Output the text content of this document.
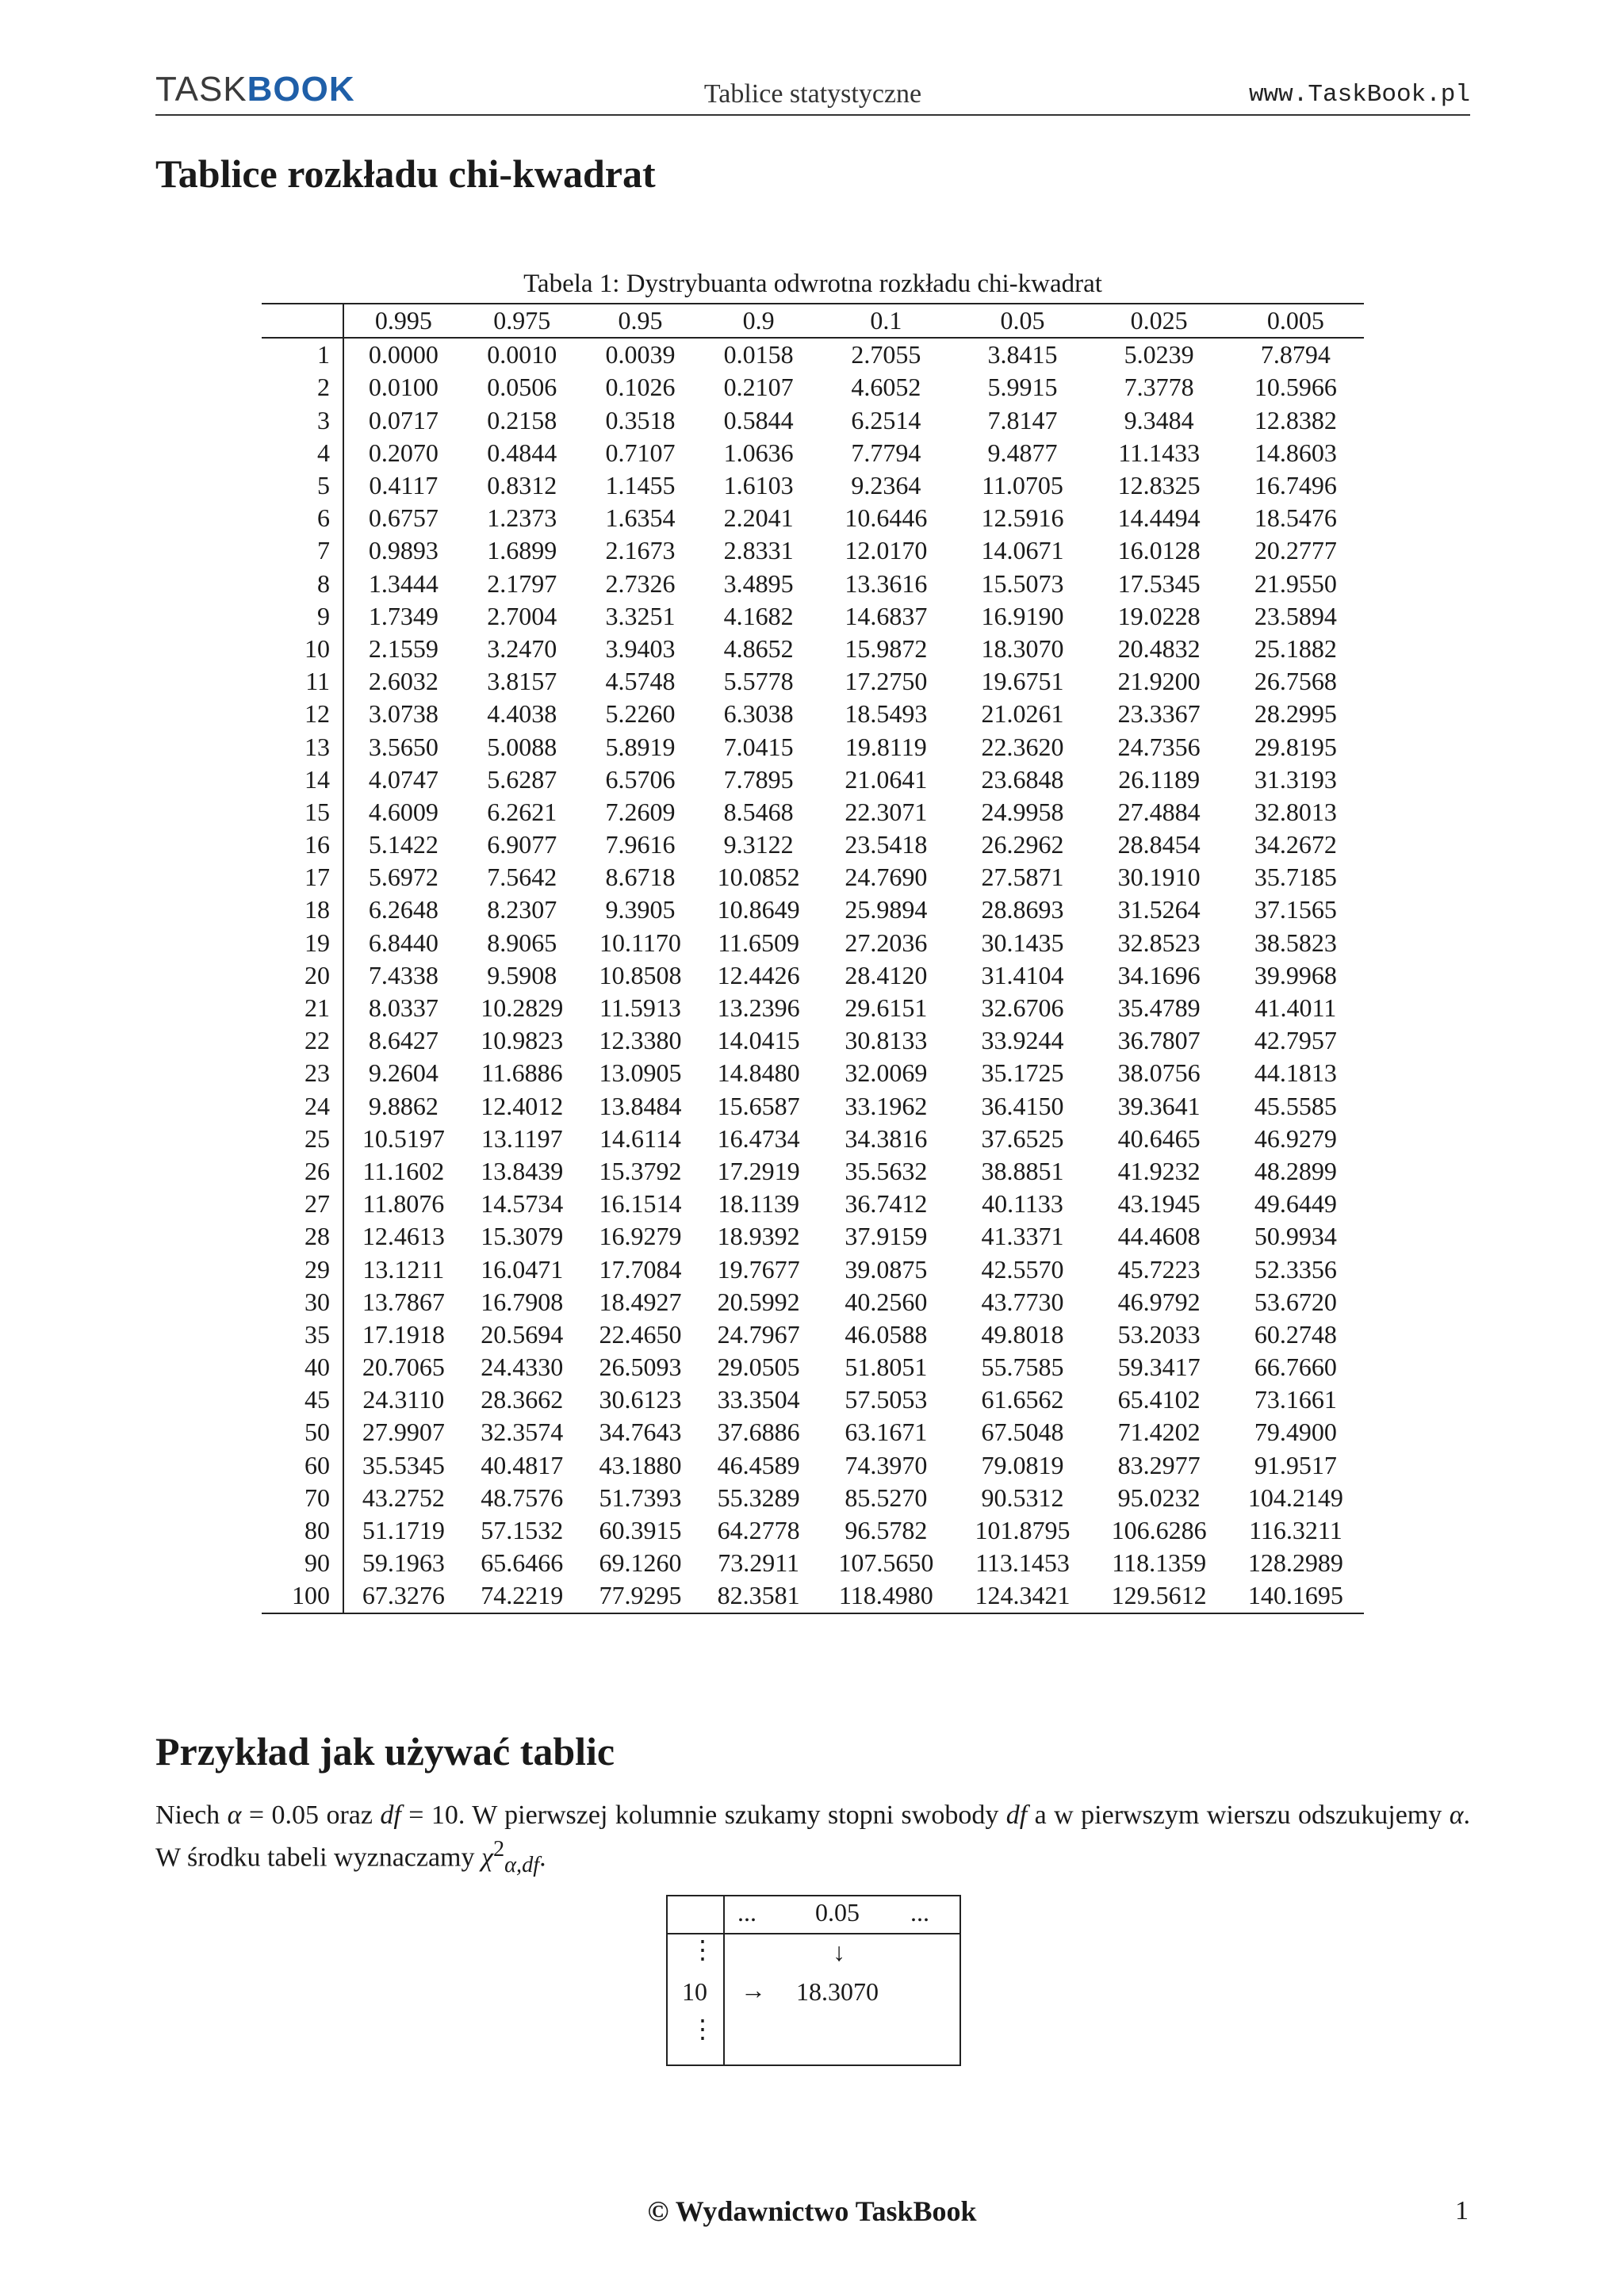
TASKBOOK	Tablice statystyczne	www.TaskBook.pl
Tablice rozkładu chi-kwadrat
Tabela 1: Dystrybuanta odwrotna rozkładu chi-kwadrat
	0.995	0.975	0.95	0.9	0.1	0.05	0.025	0.005
1	0.0000	0.0010	0.0039	0.0158	2.7055	3.8415	5.0239	7.8794
2	0.0100	0.0506	0.1026	0.2107	4.6052	5.9915	7.3778	10.5966
3	0.0717	0.2158	0.3518	0.5844	6.2514	7.8147	9.3484	12.8382
4	0.2070	0.4844	0.7107	1.0636	7.7794	9.4877	11.1433	14.8603
5	0.4117	0.8312	1.1455	1.6103	9.2364	11.0705	12.8325	16.7496
6	0.6757	1.2373	1.6354	2.2041	10.6446	12.5916	14.4494	18.5476
7	0.9893	1.6899	2.1673	2.8331	12.0170	14.0671	16.0128	20.2777
8	1.3444	2.1797	2.7326	3.4895	13.3616	15.5073	17.5345	21.9550
9	1.7349	2.7004	3.3251	4.1682	14.6837	16.9190	19.0228	23.5894
10	2.1559	3.2470	3.9403	4.8652	15.9872	18.3070	20.4832	25.1882
11	2.6032	3.8157	4.5748	5.5778	17.2750	19.6751	21.9200	26.7568
12	3.0738	4.4038	5.2260	6.3038	18.5493	21.0261	23.3367	28.2995
13	3.5650	5.0088	5.8919	7.0415	19.8119	22.3620	24.7356	29.8195
14	4.0747	5.6287	6.5706	7.7895	21.0641	23.6848	26.1189	31.3193
15	4.6009	6.2621	7.2609	8.5468	22.3071	24.9958	27.4884	32.8013
16	5.1422	6.9077	7.9616	9.3122	23.5418	26.2962	28.8454	34.2672
17	5.6972	7.5642	8.6718	10.0852	24.7690	27.5871	30.1910	35.7185
18	6.2648	8.2307	9.3905	10.8649	25.9894	28.8693	31.5264	37.1565
19	6.8440	8.9065	10.1170	11.6509	27.2036	30.1435	32.8523	38.5823
20	7.4338	9.5908	10.8508	12.4426	28.4120	31.4104	34.1696	39.9968
21	8.0337	10.2829	11.5913	13.2396	29.6151	32.6706	35.4789	41.4011
22	8.6427	10.9823	12.3380	14.0415	30.8133	33.9244	36.7807	42.7957
23	9.2604	11.6886	13.0905	14.8480	32.0069	35.1725	38.0756	44.1813
24	9.8862	12.4012	13.8484	15.6587	33.1962	36.4150	39.3641	45.5585
25	10.5197	13.1197	14.6114	16.4734	34.3816	37.6525	40.6465	46.9279
26	11.1602	13.8439	15.3792	17.2919	35.5632	38.8851	41.9232	48.2899
27	11.8076	14.5734	16.1514	18.1139	36.7412	40.1133	43.1945	49.6449
28	12.4613	15.3079	16.9279	18.9392	37.9159	41.3371	44.4608	50.9934
29	13.1211	16.0471	17.7084	19.7677	39.0875	42.5570	45.7223	52.3356
30	13.7867	16.7908	18.4927	20.5992	40.2560	43.7730	46.9792	53.6720
35	17.1918	20.5694	22.4650	24.7967	46.0588	49.8018	53.2033	60.2748
40	20.7065	24.4330	26.5093	29.0505	51.8051	55.7585	59.3417	66.7660
45	24.3110	28.3662	30.6123	33.3504	57.5053	61.6562	65.4102	73.1661
50	27.9907	32.3574	34.7643	37.6886	63.1671	67.5048	71.4202	79.4900
60	35.5345	40.4817	43.1880	46.4589	74.3970	79.0819	83.2977	91.9517
70	43.2752	48.7576	51.7393	55.3289	85.5270	90.5312	95.0232	104.2149
80	51.1719	57.1532	60.3915	64.2778	96.5782	101.8795	106.6286	116.3211
90	59.1963	65.6466	69.1260	73.2911	107.5650	113.1453	118.1359	128.2989
100	67.3276	74.2219	77.9295	82.3581	118.4980	124.3421	129.5612	140.1695
Przykład jak używać tablic
Niech α = 0.05 oraz df = 10. W pierwszej kolumnie szukamy stopni swobody df a w pierwszym wierszu odszukujemy α. W środku tabeli wyznaczamy $\chi^2_{\alpha,df}$.
... 0.05 ...
⋮	↓
10 → 18.3070
⋮
© Wydawnictwo TaskBook	1
